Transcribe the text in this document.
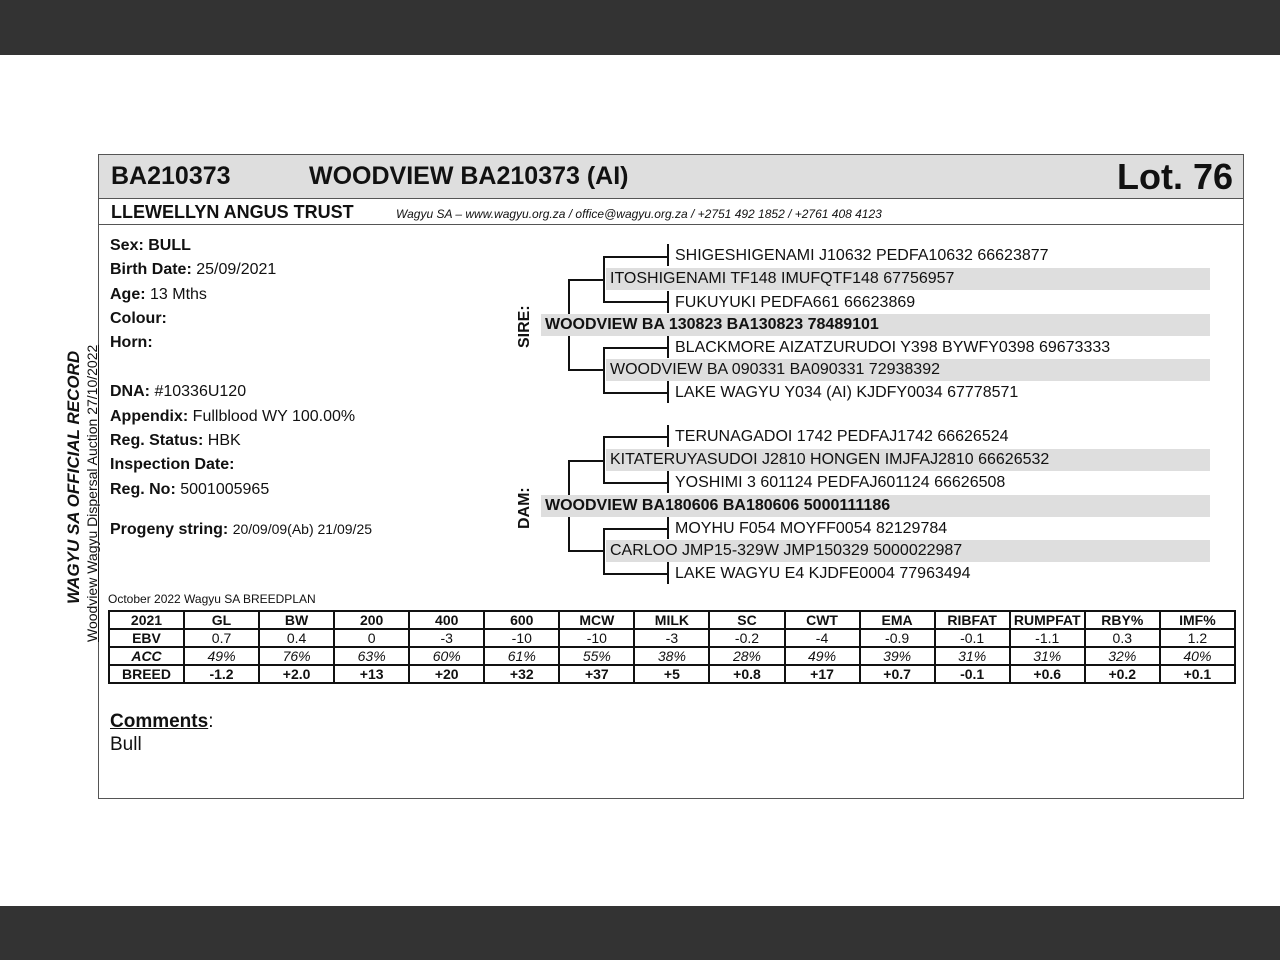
BA210373	WOODVIEW BA210373 (AI)	Lot. 76
LLEWELLYN ANGUS TRUST	Wagyu SA – www.wagyu.org.za / office@wagyu.org.za / +2751 492 1852 / +2761 408 4123
WAGYU SA OFFICIAL RECORD Woodview Wagyu Dispersal Auction 27/10/2022
Sex: BULL
Birth Date: 25/09/2021
Age: 13 Mths
Colour:
Horn:
DNA: #10336U120
Appendix: Fullblood WY 100.00%
Reg. Status: HBK
Inspection Date:
Reg. No: 5001005965
Progeny string: 20/09/09(Ab) 21/09/25
SIRE:
DAM:
SHIGESHIGENAMI J10632 PEDFA10632 66623877
ITOSHIGENAMI TF148 IMUFQTF148 67756957
FUKUYUKI PEDFA661 66623869
WOODVIEW BA 130823 BA130823 78489101
BLACKMORE AIZATZURUDOI Y398 BYWFY0398 69673333
WOODVIEW BA 090331 BA090331 72938392
LAKE WAGYU Y034 (AI) KJDFY0034 67778571
TERUNAGADOI 1742 PEDFAJ1742 66626524
KITATERUYASUDOI J2810 HONGEN IMJFAJ2810 66626532
YOSHIMI 3 601124 PEDFAJ601124 66626508
WOODVIEW BA180606 BA180606 5000111186
MOYHU F054 MOYFF0054 82129784
CARLOO JMP15-329W JMP150329 5000022987
LAKE WAGYU E4 KJDFE0004 77963494
October 2022 Wagyu SA BREEDPLAN
2021	GL	BW	200	400	600	MCW	MILK	SC	CWT	EMA	RIBFAT	RUMPFAT	RBY%	IMF%
EBV	0.7	0.4	0	-3	-10	-10	-3	-0.2	-4	-0.9	-0.1	-1.1	0.3	1.2
ACC	49%	76%	63%	60%	61%	55%	38%	28%	49%	39%	31%	31%	32%	40%
BREED	-1.2	+2.0	+13	+20	+32	+37	+5	+0.8	+17	+0.7	-0.1	+0.6	+0.2	+0.1
Comments:
Bull
